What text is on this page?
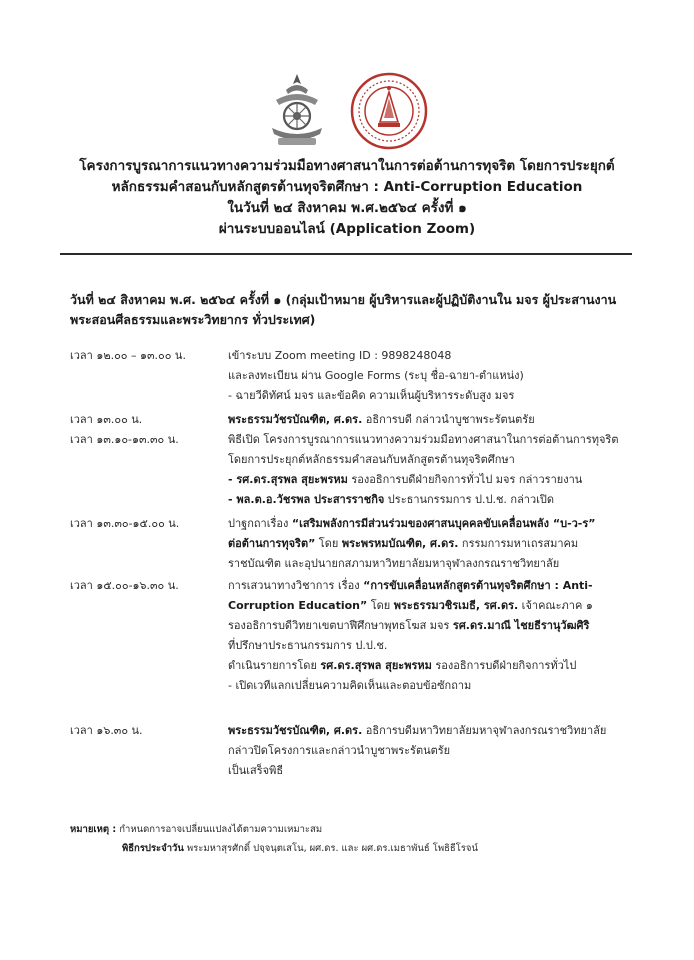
โครงการบูรณาการแนวทางความร่วมมือทางศาสนาในการต่อต้านการทุจริต โดยการประยุกต์
หลักธรรมคำสอนกับหลักสูตรต้านทุจริตศึกษา : Anti-Corruption Education
ในวันที่ ๒๔ สิงหาคม พ.ศ.๒๕๖๔ ครั้งที่ ๑
ผ่านระบบออนไลน์ (Application Zoom)
วันที่ ๒๔ สิงหาคม พ.ศ. ๒๕๖๔ ครั้งที่ ๑ (กลุ่มเป้าหมาย ผู้บริหารและผู้ปฏิบัติงานใน มจร ผู้ประสานงาน
พระสอนศีลธรรมและพระวิทยากร ทั่วประเทศ)
เวลา ๑๒.๐๐ – ๑๓.๐๐ น.	เข้าระบบ Zoom meeting ID : 9898248048
และลงทะเบียน ผ่าน Google Forms (ระบุ ชื่อ-ฉายา-ตำแหน่ง)
- ฉายวีดิทัศน์ มจร และข้อคิด ความเห็นผู้บริหารระดับสูง มจร
เวลา ๑๓.๐๐ น.	พระธรรมวัชรบัณฑิต, ศ.ดร. อธิการบดี กล่าวนำบูชาพระรัตนตรัย
เวลา ๑๓.๑๐-๑๓.๓๐ น.	พิธีเปิด โครงการบูรณาการแนวทางความร่วมมือทางศาสนาในการต่อต้านการทุจริต
โดยการประยุกต์หลักธรรมคำสอนกับหลักสูตรต้านทุจริตศึกษา
- รศ.ดร.สุรพล สุยะพรหม รองอธิการบดีฝ่ายกิจการทั่วไป มจร กล่าวรายงาน
- พล.ต.อ.วัชรพล ประสารราชกิจ ประธานกรรมการ ป.ป.ช. กล่าวเปิด
เวลา ๑๓.๓๐-๑๕.๐๐ น.	ปาฐกถาเรื่อง “เสริมพลังการมีส่วนร่วมของศาสนบุคคลขับเคลื่อนพลัง “บ-ว-ร”
ต่อต้านการทุจริต” โดย พระพรหมบัณฑิต, ศ.ดร. กรรมการมหาเถรสมาคม
ราชบัณฑิต และอุปนายกสภามหาวิทยาลัยมหาจุฬาลงกรณราชวิทยาลัย
เวลา ๑๕.๐๐-๑๖.๓๐ น.	การเสวนาทางวิชาการ เรื่อง “การขับเคลื่อนหลักสูตรต้านทุจริตศึกษา : Anti-
Corruption Education” โดย พระธรรมวชิรเมธี, รศ.ดร. เจ้าคณะภาค ๑
รองอธิการบดีวิทยาเขตบาฬีศึกษาพุทธโฆส มจร รศ.ดร.มาณี ไชยธีรานุวัฒศิริ
ที่ปรึกษาประธานกรรมการ ป.ป.ช.
ดำเนินรายการโดย รศ.ดร.สุรพล สุยะพรหม รองอธิการบดีฝ่ายกิจการทั่วไป
- เปิดเวทีแลกเปลี่ยนความคิดเห็นและตอบข้อซักถาม
เวลา ๑๖.๓๐ น.	พระธรรมวัชรบัณฑิต, ศ.ดร. อธิการบดีมหาวิทยาลัยมหาจุฬาลงกรณราชวิทยาลัย
กล่าวปิดโครงการและกล่าวนำบูชาพระรัตนตรัย
เป็นเสร็จพิธี
หมายเหตุ : กำหนดการอาจเปลี่ยนแปลงได้ตามความเหมาะสม
พิธีกรประจำวัน พระมหาสุรศักดิ์ ปจฺจนฺตเสโน, ผศ.ดร. และ ผศ.ดร.เมธาพันธ์ โพธิธีโรจน์
